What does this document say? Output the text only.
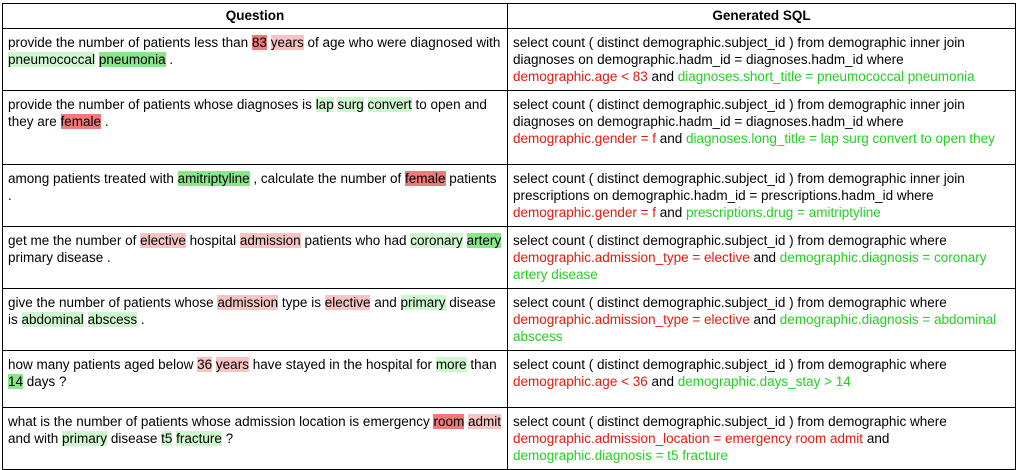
Question	Generated SQL
provide the number of patients less than 83 years of age who were diagnosed with pneumococcal pneumonia .	select count ( distinct demographic.subject_id ) from demographic inner join diagnoses on demographic.hadm_id = diagnoses.hadm_id where demographic.age < 83 and diagnoses.short_title = pneumococcal pneumonia
provide the number of patients whose diagnoses is lap surg convert to open and they are female .	select count ( distinct demographic.subject_id ) from demographic inner join diagnoses on demographic.hadm_id = diagnoses.hadm_id where demographic.gender = f and diagnoses.long_title = lap surg convert to open they
among patients treated with amitriptyline , calculate the number of female patients .	select count ( distinct demographic.subject_id ) from demographic inner join prescriptions on demographic.hadm_id = prescriptions.hadm_id where demographic.gender = f and prescriptions.drug = amitriptyline
get me the number of elective hospital admission patients who had coronary artery primary disease .	select count ( distinct demographic.subject_id ) from demographic where demographic.admission_type = elective and demographic.diagnosis = coronary artery disease
give the number of patients whose admission type is elective and primary disease is abdominal abscess .	select count ( distinct demographic.subject_id ) from demographic where demographic.admission_type = elective and demographic.diagnosis = abdominal abscess
how many patients aged below 36 years have stayed in the hospital for more than 14 days ?	select count ( distinct demographic.subject_id ) from demographic where demographic.age < 36 and demographic.days_stay > 14
what is the number of patients whose admission location is emergency room admit and with primary disease t5 fracture ?	select count ( distinct demographic.subject_id ) from demographic where demographic.admission_location = emergency room admit and demographic.diagnosis = t5 fracture
